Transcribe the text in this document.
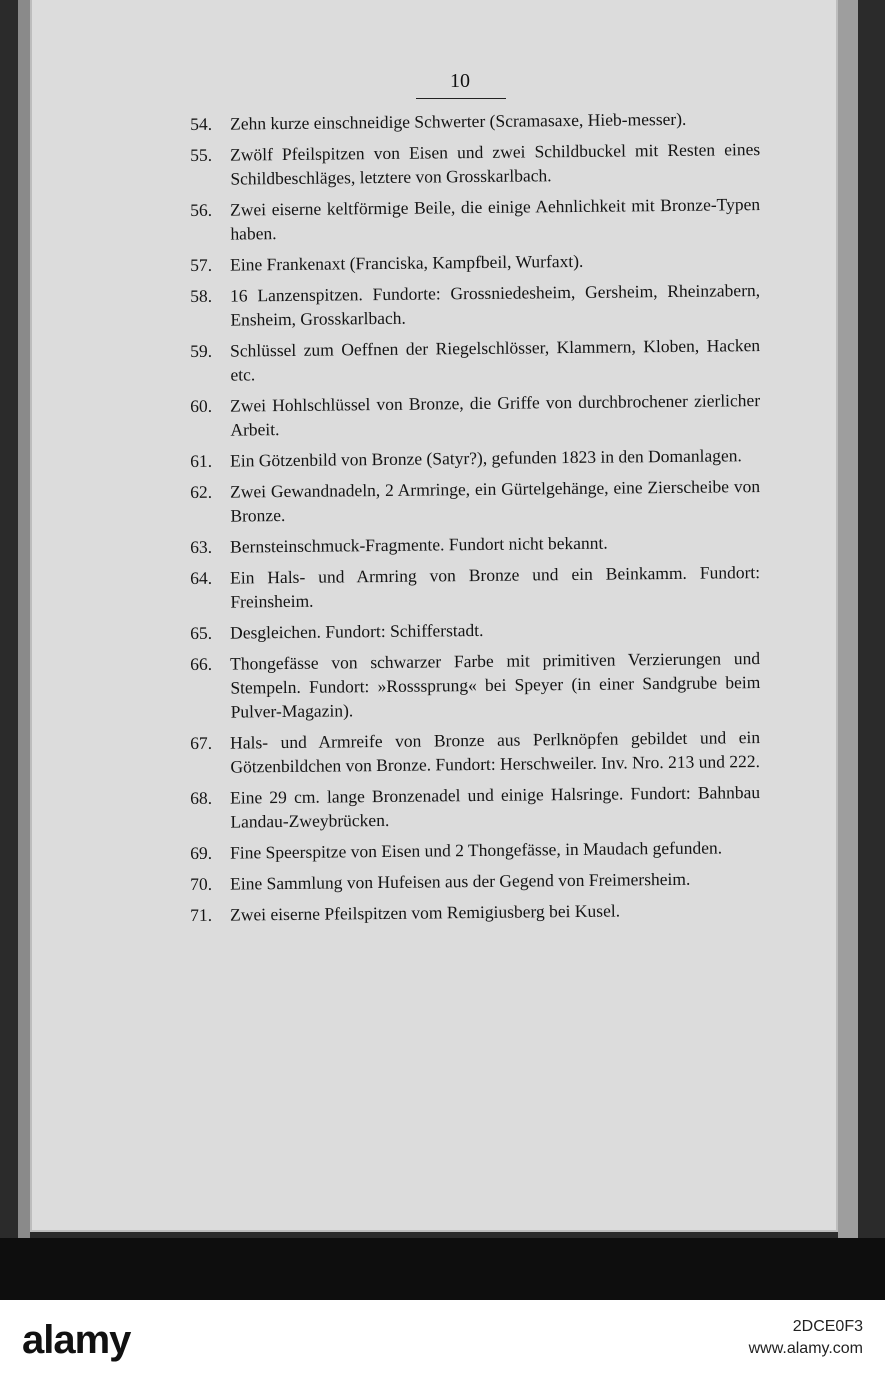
10
54.	Zehn kurze einschneidige Schwerter (Scramasaxe, Hieb-messer).
55.	Zwölf Pfeilspitzen von Eisen und zwei Schildbuckel mit Resten eines Schildbeschläges, letztere von Grosskarlbach.
56.	Zwei eiserne keltförmige Beile, die einige Aehnlichkeit mit Bronze-Typen haben.
57.	Eine Frankenaxt (Franciska, Kampfbeil, Wurfaxt).
58.	16 Lanzenspitzen. Fundorte: Grossniedesheim, Gersheim, Rheinzabern, Ensheim, Grosskarlbach.
59.	Schlüssel zum Oeffnen der Riegelschlösser, Klammern, Kloben, Hacken etc.
60.	Zwei Hohlschlüssel von Bronze, die Griffe von durchbrochener zierlicher Arbeit.
61.	Ein Götzenbild von Bronze (Satyr?), gefunden 1823 in den Domanlagen.
62.	Zwei Gewandnadeln, 2 Armringe, ein Gürtelgehänge, eine Zierscheibe von Bronze.
63.	Bernsteinschmuck-Fragmente. Fundort nicht bekannt.
64.	Ein Hals- und Armring von Bronze und ein Beinkamm. Fundort: Freinsheim.
65.	Desgleichen. Fundort: Schifferstadt.
66.	Thongefässe von schwarzer Farbe mit primitiven Verzierungen und Stempeln. Fundort: »Rosssprung« bei Speyer (in einer Sandgrube beim Pulver-Magazin).
67.	Hals- und Armreife von Bronze aus Perlknöpfen gebildet und ein Götzenbildchen von Bronze. Fundort: Herschweiler. Inv. Nro. 213 und 222.
68.	Eine 29 cm. lange Bronzenadel und einige Halsringe. Fundort: Bahnbau Landau-Zweybrücken.
69.	Fine Speerspitze von Eisen und 2 Thongefässe, in Maudach gefunden.
70.	Eine Sammlung von Hufeisen aus der Gegend von Freimersheim.
71.	Zwei eiserne Pfeilspitzen vom Remigiusberg bei Kusel.
alamy	2DCE0F3
www.alamy.com
